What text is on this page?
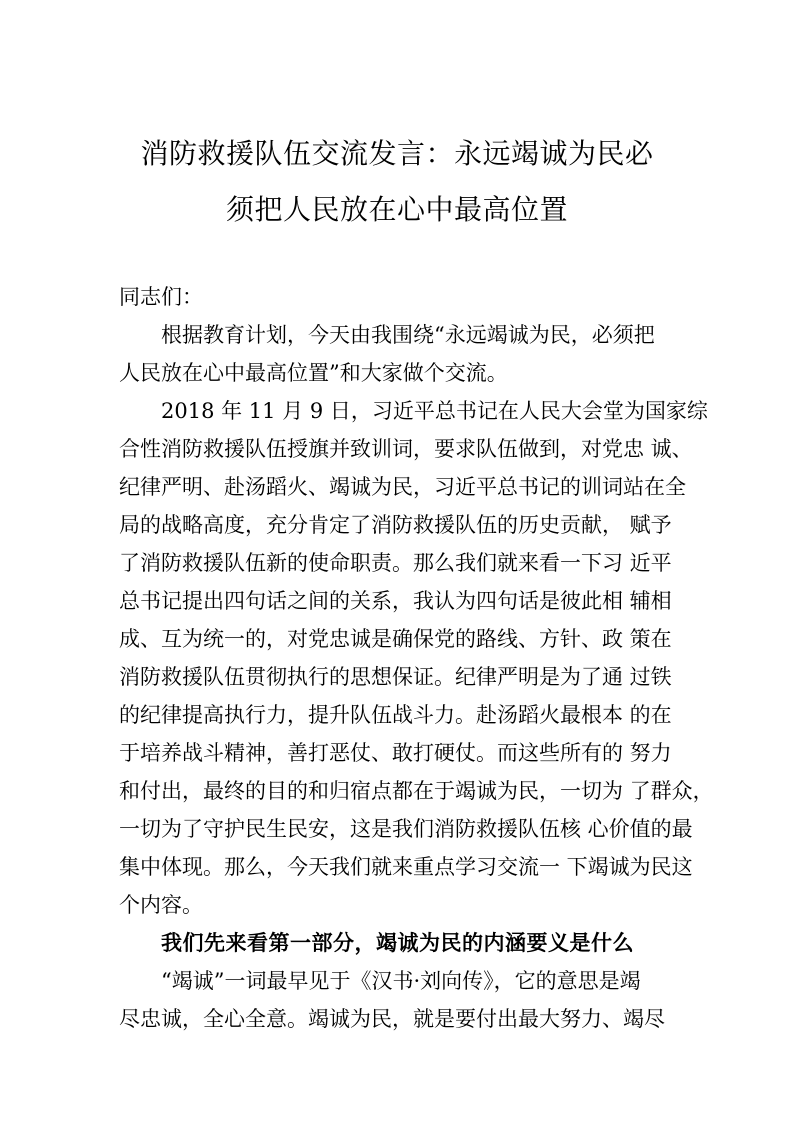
消防救援队伍交流发言：永远竭诚为民必
须把人民放在心中最高位置
同志们：
根据教育计划，今天由我围绕“永远竭诚为民，必须把
人民放在心中最高位置”和大家做个交流。
2018 年 11 月 9 日，习近平总书记在人民大会堂为国家综
合性消防救援队伍授旗并致训词，要求队伍做到，对党忠 诚、
纪律严明、赴汤蹈火、竭诚为民，习近平总书记的训词站在全
局的战略高度，充分肯定了消防救援队伍的历史贡献， 赋予
了消防救援队伍新的使命职责。那么我们就来看一下习 近平
总书记提出四句话之间的关系，我认为四句话是彼此相 辅相
成、互为统一的，对党忠诚是确保党的路线、方针、政 策在
消防救援队伍贯彻执行的思想保证。纪律严明是为了通 过铁
的纪律提高执行力，提升队伍战斗力。赴汤蹈火最根本 的在
于培养战斗精神，善打恶仗、敢打硬仗。而这些所有的 努力
和付出，最终的目的和归宿点都在于竭诚为民，一切为 了群众，
一切为了守护民生民安，这是我们消防救援队伍核 心价值的最
集中体现。那么，今天我们就来重点学习交流一 下竭诚为民这
个内容。
我们先来看第一部分，竭诚为民的内涵要义是什么
“竭诚”一词最早见于《汉书·刘向传》，它的意思是竭
尽忠诚，全心全意。竭诚为民，就是要付出最大努力、竭尽
